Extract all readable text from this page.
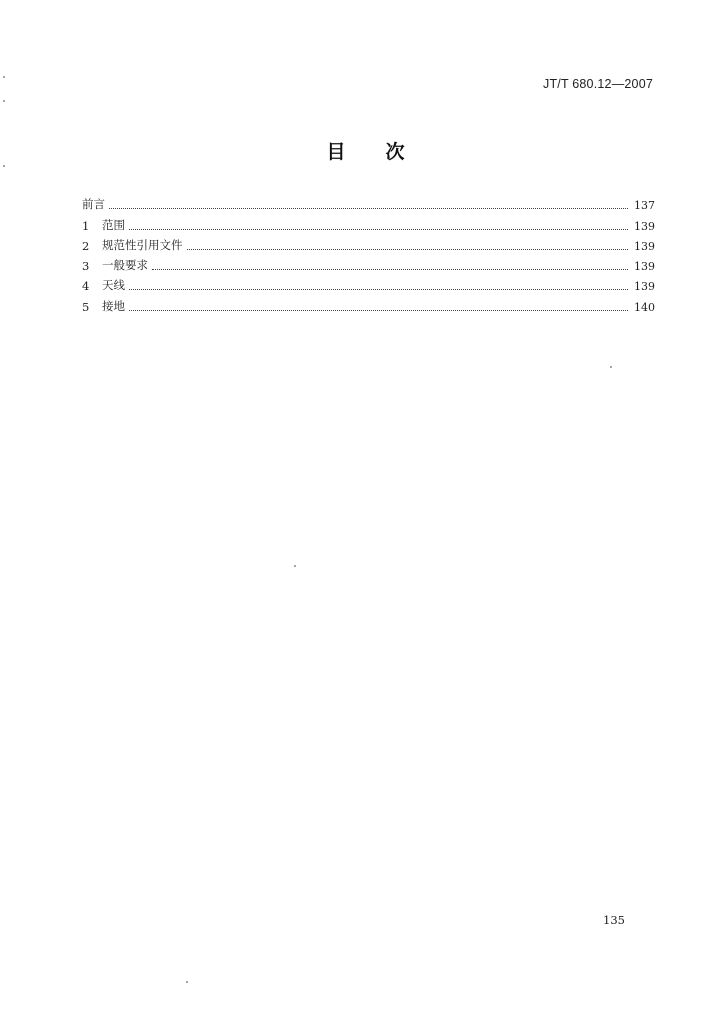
JT/T 680.12—2007
目 次
前言	137
1	范围	139
2	规范性引用文件	139
3	一般要求	139
4	天线	139
5	接地	140
135
